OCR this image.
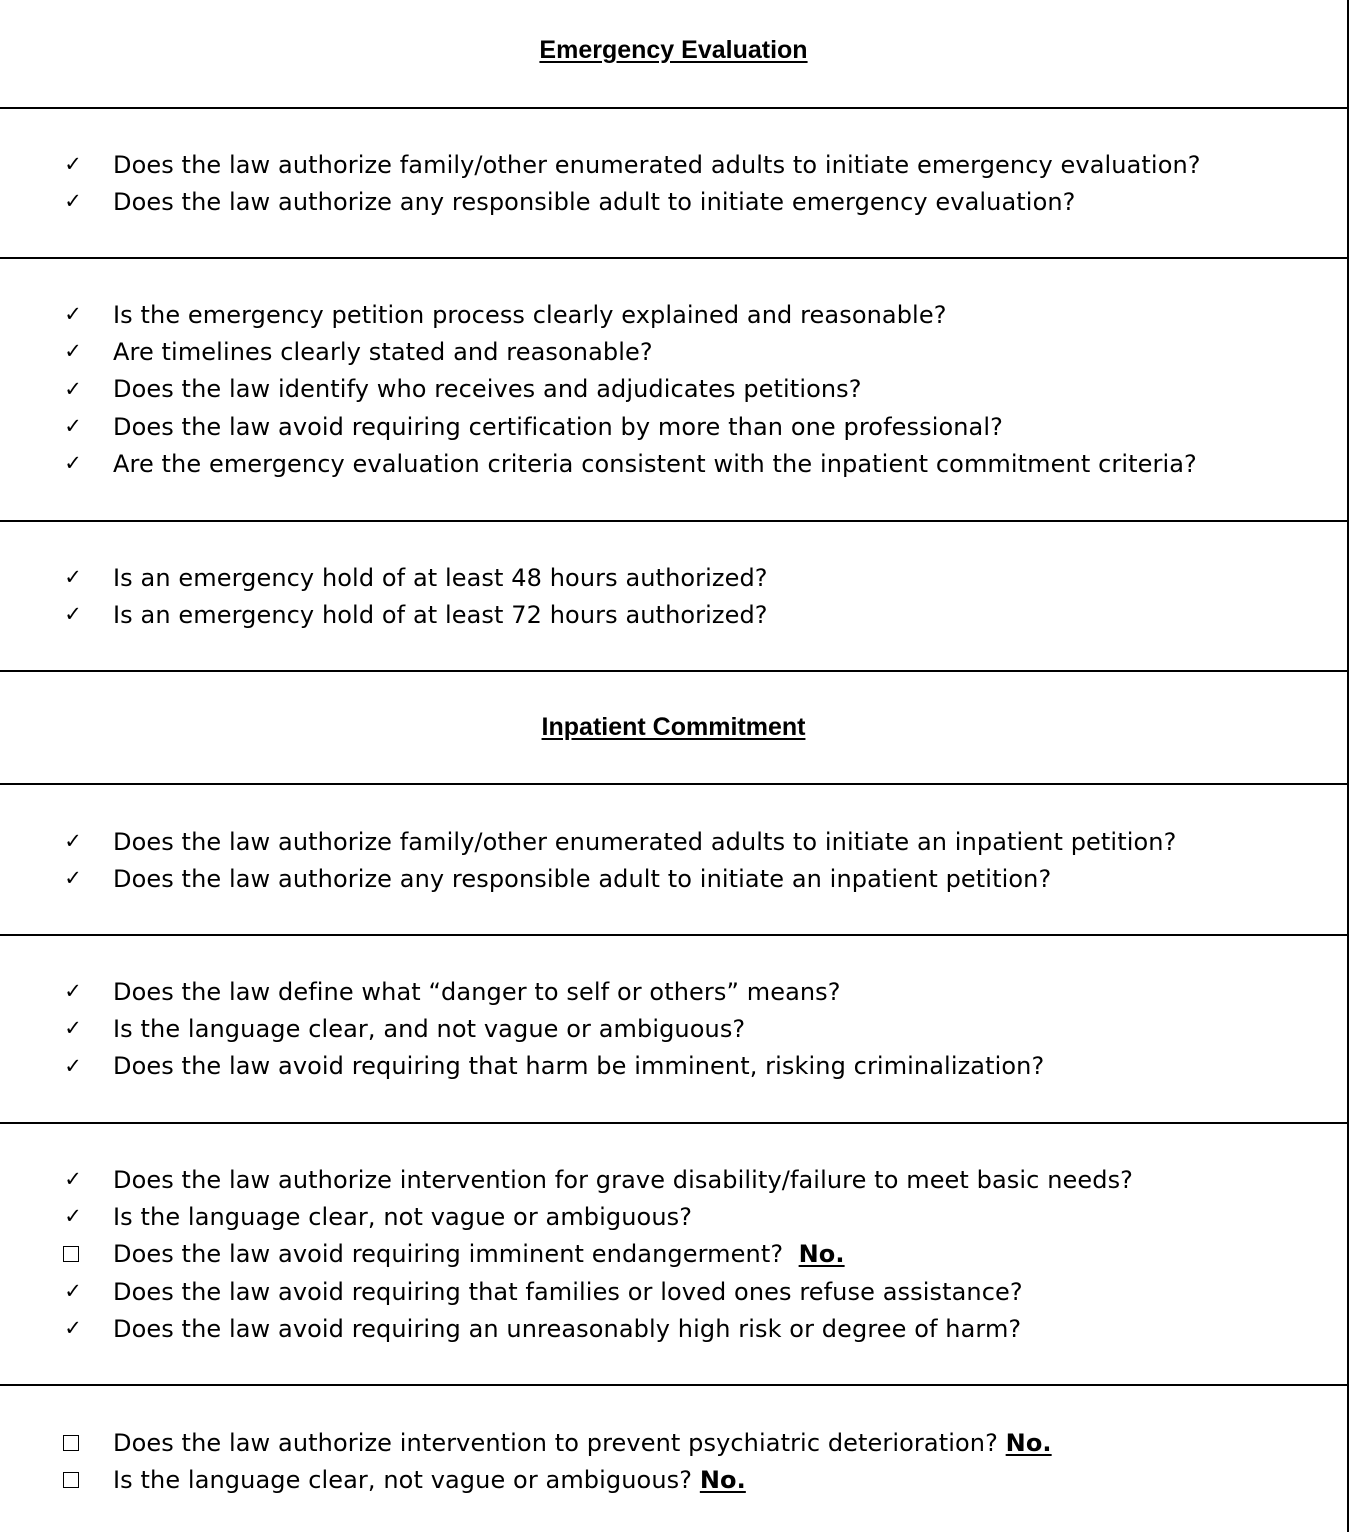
Emergency Evaluation
✓ Does the law authorize family/other enumerated adults to initiate emergency evaluation?
✓ Does the law authorize any responsible adult to initiate emergency evaluation?
✓ Is the emergency petition process clearly explained and reasonable?
✓ Are timelines clearly stated and reasonable?
✓ Does the law identify who receives and adjudicates petitions?
✓ Does the law avoid requiring certification by more than one professional?
✓ Are the emergency evaluation criteria consistent with the inpatient commitment criteria?
✓ Is an emergency hold of at least 48 hours authorized?
✓ Is an emergency hold of at least 72 hours authorized?
Inpatient Commitment
✓ Does the law authorize family/other enumerated adults to initiate an inpatient petition?
✓ Does the law authorize any responsible adult to initiate an inpatient petition?
✓ Does the law define what “danger to self or others” means?
✓ Is the language clear, and not vague or ambiguous?
✓ Does the law avoid requiring that harm be imminent, risking criminalization?
✓ Does the law authorize intervention for grave disability/failure to meet basic needs?
✓ Is the language clear, not vague or ambiguous?
Does the law avoid requiring imminent endangerment?  No.
✓ Does the law avoid requiring that families or loved ones refuse assistance?
✓ Does the law avoid requiring an unreasonably high risk or degree of harm?
Does the law authorize intervention to prevent psychiatric deterioration? No.
Is the language clear, not vague or ambiguous? No.
